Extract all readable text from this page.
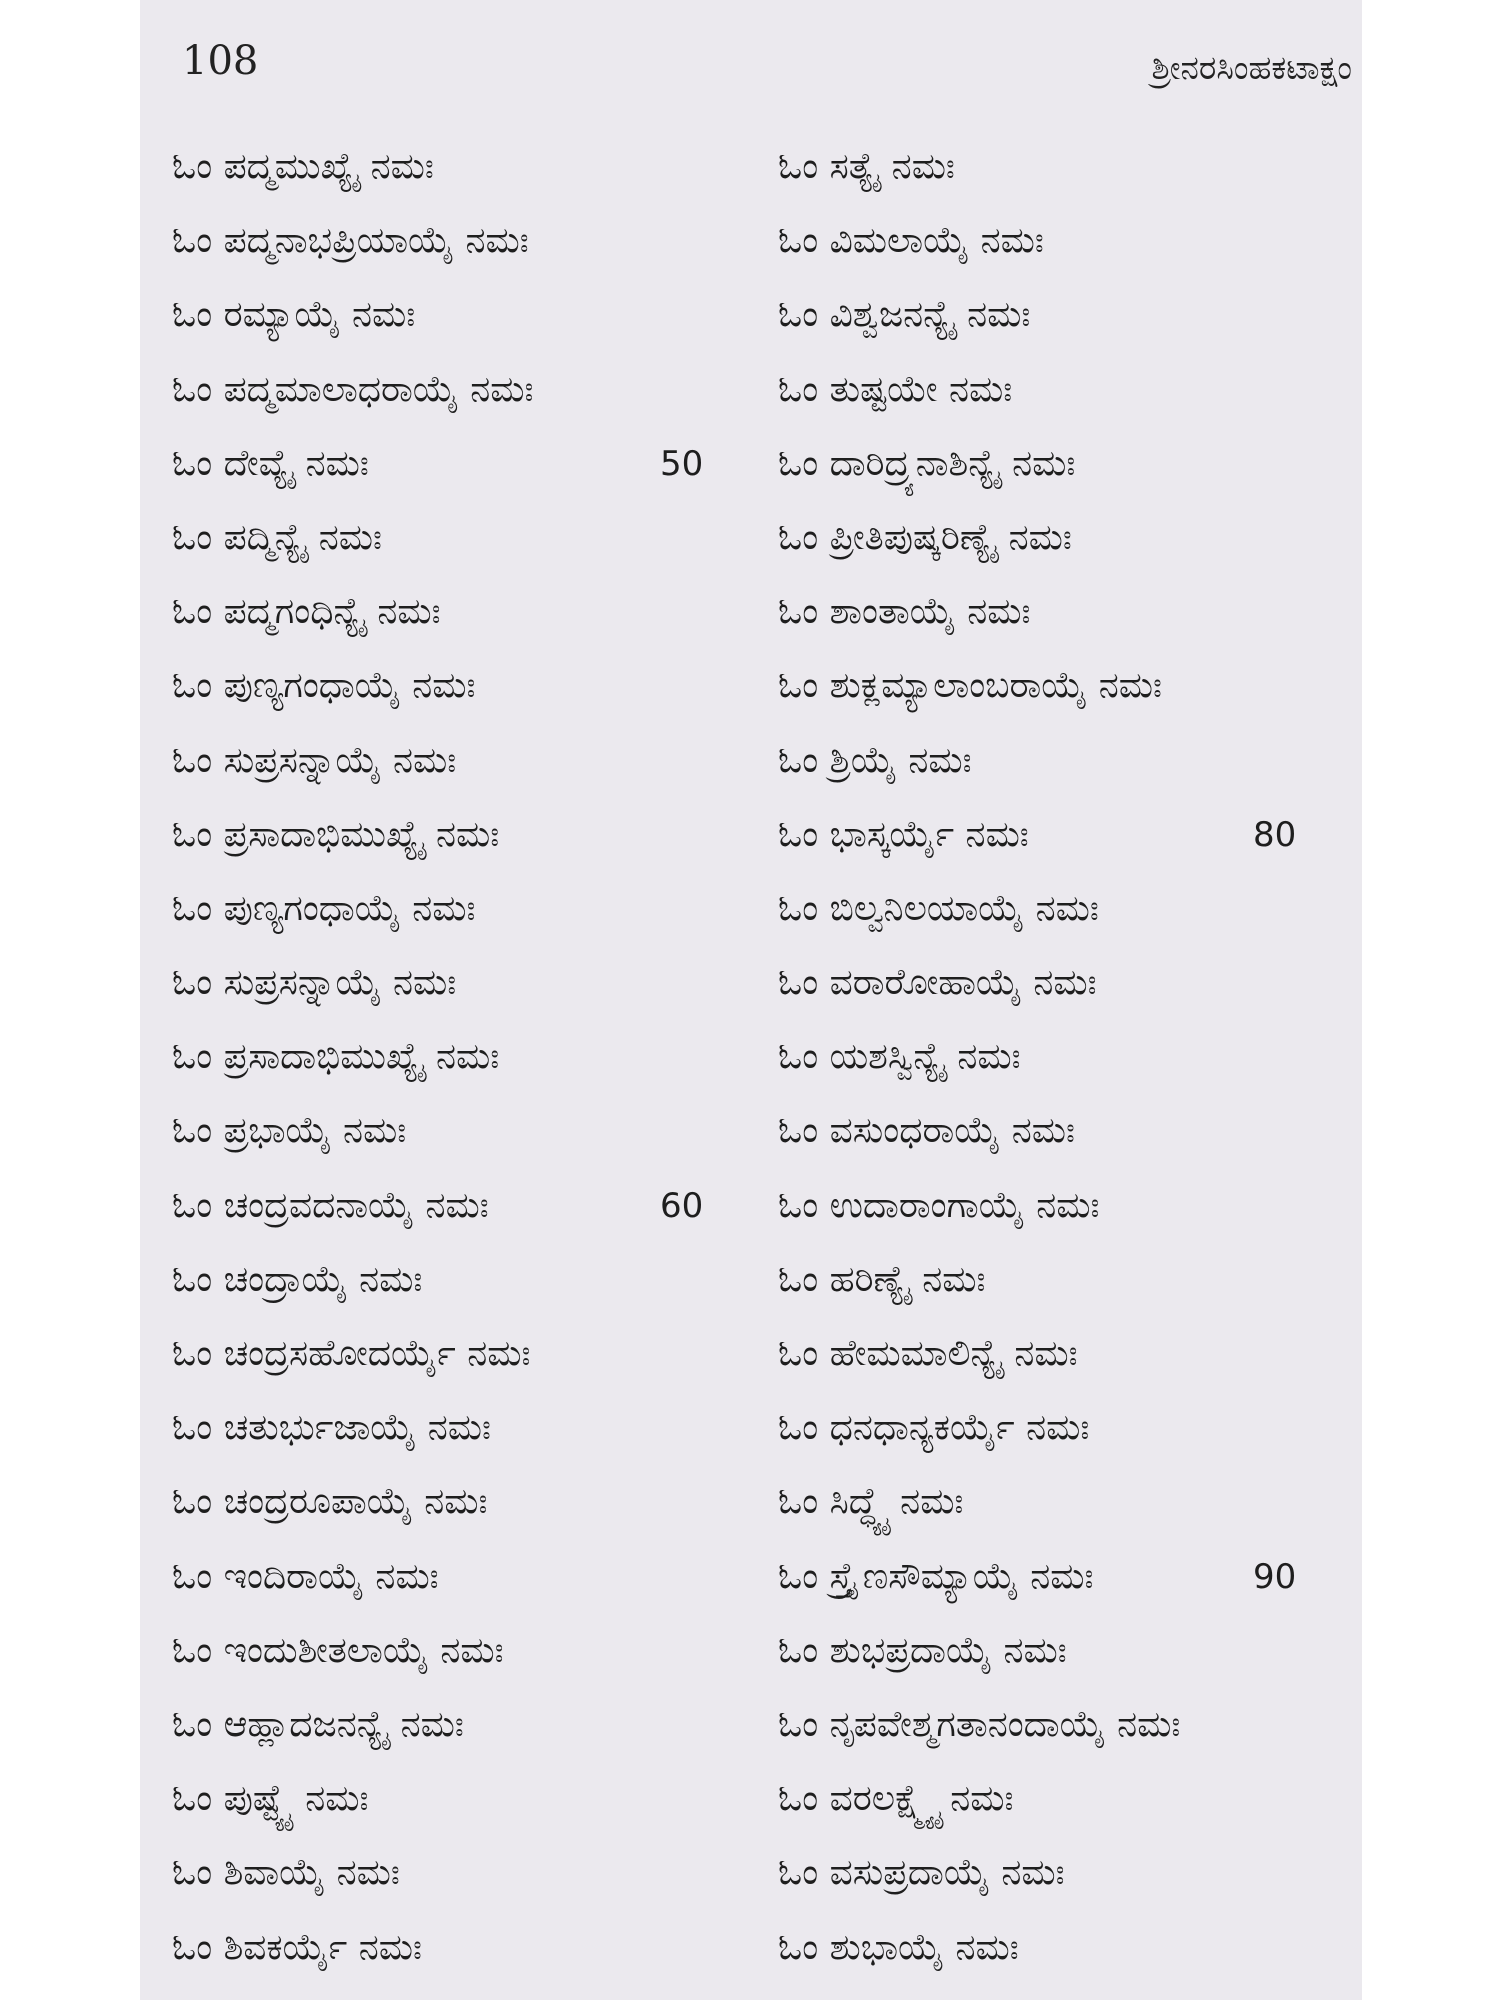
108	ಶ್ರೀನರಸಿಂಹಕಟಾಕ್ಷಂ
ಓಂ ಪದ್ಮಮುಖ್ಯೈ ನಮಃ
ಓಂ ಪದ್ಮನಾಭಪ್ರಿಯಾಯೈ ನಮಃ
ಓಂ ರಮ್ಯಾಯೈ ನಮಃ
ಓಂ ಪದ್ಮಮಾಲಾಧರಾಯೈ ನಮಃ
ಓಂ ದೇವ್ಯೈ ನಮಃ	50
ಓಂ ಪದ್ಮಿನ್ಯೈ ನಮಃ
ಓಂ ಪದ್ಮಗಂಧಿನ್ಯೈ ನಮಃ
ಓಂ ಪುಣ್ಯಗಂಧಾಯೈ ನಮಃ
ಓಂ ಸುಪ್ರಸನ್ನಾಯೈ ನಮಃ
ಓಂ ಪ್ರಸಾದಾಭಿಮುಖ್ಯೈ ನಮಃ
ಓಂ ಪುಣ್ಯಗಂಧಾಯೈ ನಮಃ
ಓಂ ಸುಪ್ರಸನ್ನಾಯೈ ನಮಃ
ಓಂ ಪ್ರಸಾದಾಭಿಮುಖ್ಯೈ ನಮಃ
ಓಂ ಪ್ರಭಾಯೈ ನಮಃ
ಓಂ ಚಂದ್ರವದನಾಯೈ ನಮಃ	60
ಓಂ ಚಂದ್ರಾಯೈ ನಮಃ
ಓಂ ಚಂದ್ರಸಹೋದರ್ಯೈ ನಮಃ
ಓಂ ಚತುರ್ಭುಜಾಯೈ ನಮಃ
ಓಂ ಚಂದ್ರರೂಪಾಯೈ ನಮಃ
ಓಂ ಇಂದಿರಾಯೈ ನಮಃ
ಓಂ ಇಂದುಶೀತಲಾಯೈ ನಮಃ
ಓಂ ಆಹ್ಲಾದಜನನ್ಯೈ ನಮಃ
ಓಂ ಪುಷ್ಟ್ಯೈ ನಮಃ
ಓಂ ಶಿವಾಯೈ ನಮಃ
ಓಂ ಶಿವಕರ್ಯೈ ನಮಃ
ಓಂ ಸತ್ಯೈ ನಮಃ
ಓಂ ವಿಮಲಾಯೈ ನಮಃ
ಓಂ ವಿಶ್ವಜನನ್ಯೈ ನಮಃ
ಓಂ ತುಷ್ಟಯೇ ನಮಃ
ಓಂ ದಾರಿದ್ರ್ಯನಾಶಿನ್ಯೈ ನಮಃ
ಓಂ ಪ್ರೀತಿಪುಷ್ಕರಿಣ್ಯೈ ನಮಃ
ಓಂ ಶಾಂತಾಯೈ ನಮಃ
ಓಂ ಶುಕ್ಲಮ್ಯಾಲಾಂಬರಾಯೈ ನಮಃ
ಓಂ ಶ್ರಿಯೈ ನಮಃ
ಓಂ ಭಾಸ್ಕರ್ಯೈ ನಮಃ	80
ಓಂ ಬಿಲ್ವನಿಲಯಾಯೈ ನಮಃ
ಓಂ ವರಾರೋಹಾಯೈ ನಮಃ
ಓಂ ಯಶಸ್ವಿನ್ಯೈ ನಮಃ
ಓಂ ವಸುಂಧರಾಯೈ ನಮಃ
ಓಂ ಉದಾರಾಂಗಾಯೈ ನಮಃ
ಓಂ ಹರಿಣ್ಯೈ ನಮಃ
ಓಂ ಹೇಮಮಾಲಿನ್ಯೈ ನಮಃ
ಓಂ ಧನಧಾನ್ಯಕರ್ಯೈ ನಮಃ
ಓಂ ಸಿದ್ಧ್ಯೈ ನಮಃ
ಓಂ ಸ್ತ್ರೈಣಸೌಮ್ಯಾಯೈ ನಮಃ	90
ಓಂ ಶುಭಪ್ರದಾಯೈ ನಮಃ
ಓಂ ನೃಪವೇಶ್ಮಗತಾನಂದಾಯೈ ನಮಃ
ಓಂ ವರಲಕ್ಷ್ಮ್ಯೈ ನಮಃ
ಓಂ ವಸುಪ್ರದಾಯೈ ನಮಃ
ಓಂ ಶುಭಾಯೈ ನಮಃ
